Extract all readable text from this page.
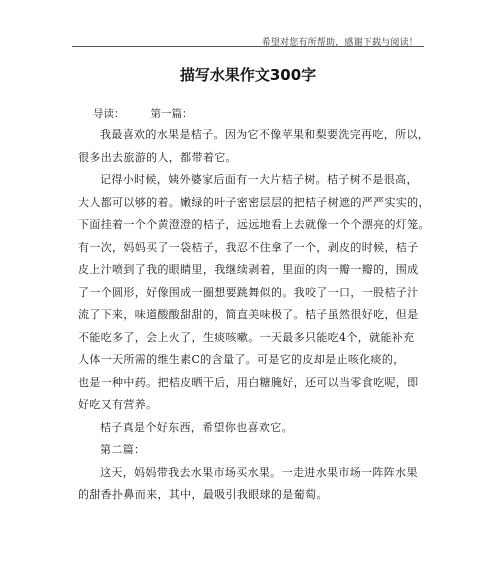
希望对您有所帮助，感谢下载与阅读！
描写水果作文300字
导读： 第一篇：
我最喜欢的水果是桔子。因为它不像苹果和梨要洗完再吃，所以，
很多出去旅游的人，都带着它。
记得小时候，姨外婆家后面有一大片桔子树。桔子树不是很高，
大人都可以够的着。嫩绿的叶子密密层层的把桔子树遮的严严实实的，
下面挂着一个个黄澄澄的桔子，远远地看上去就像一个个漂亮的灯笼。
有一次，妈妈买了一袋桔子，我忍不住拿了一个，剥皮的时候，桔子
皮上汁喷到了我的眼睛里，我继续剥着，里面的肉一瓣一瓣的，围成
了一个圆形，好像围成一圈想要跳舞似的。我咬了一口，一股桔子汁
流了下来，味道酸酸甜甜的，简直美味极了。桔子虽然很好吃，但是
不能吃多了，会上火了，生痰咳嗽。一天最多只能吃4个，就能补充
人体一天所需的维生素C的含量了。可是它的皮却是止咳化痰的，
也是一种中药。把桔皮晒干后，用白糖腌好，还可以当零食吃呢，即
好吃又有营养。
桔子真是个好东西，希望你也喜欢它。
第二篇：
这天，妈妈带我去水果市场买水果。一走进水果市场一阵阵水果
的甜香扑鼻而来，其中，最吸引我眼球的是葡萄。
